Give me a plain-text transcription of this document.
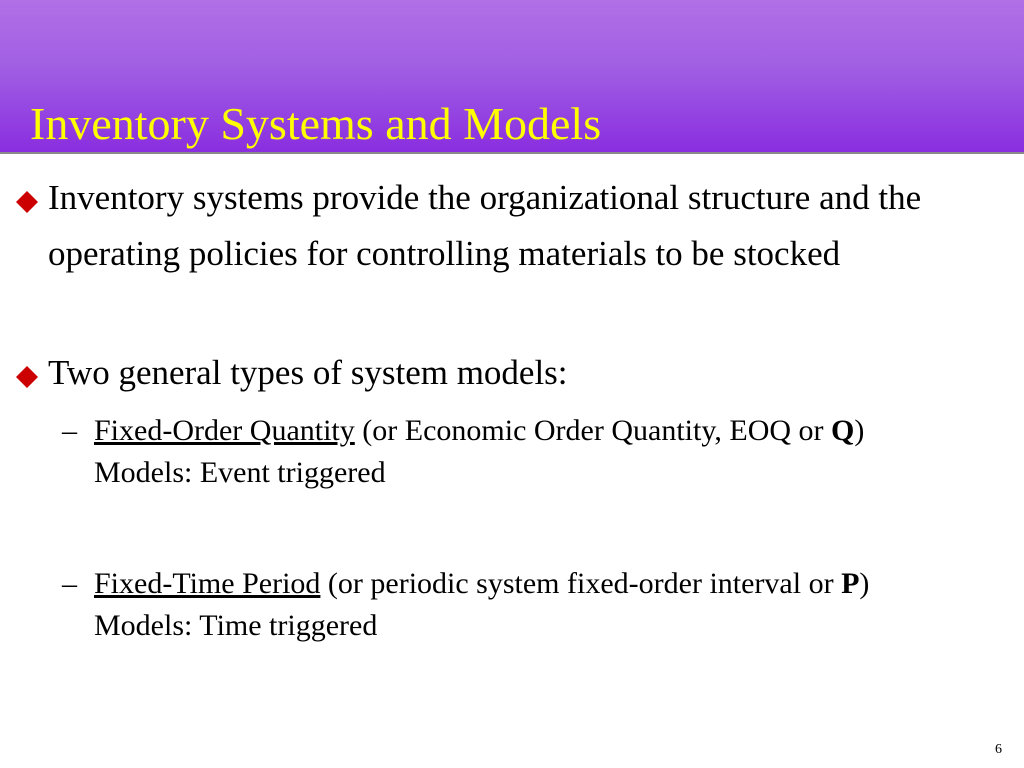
Inventory Systems and Models
Inventory systems provide the organizational structure and the operating policies for controlling materials to be stocked
Two general types of system models:
– Fixed-Order Quantity (or Economic Order Quantity, EOQ or Q) Models: Event triggered
– Fixed-Time Period (or periodic system fixed-order interval or P) Models: Time triggered
6
